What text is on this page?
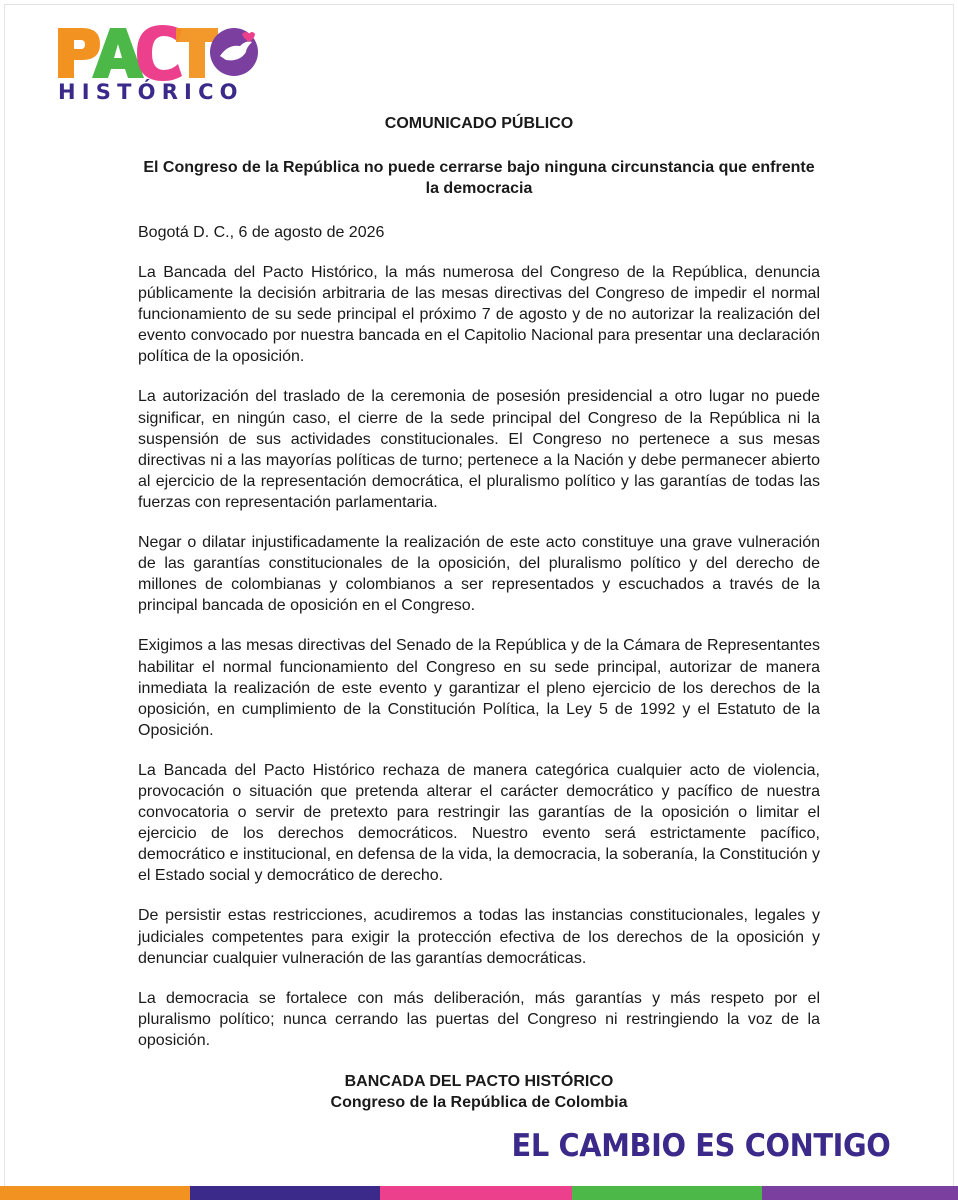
HISTÓRICO

COMUNICADO PÚBLICO

El Congreso de la República no puede cerrarse bajo ninguna circunstancia que enfrente la democracia

Bogotá D. C., 6 de agosto de 2026

La Bancada del Pacto Histórico, la más numerosa del Congreso de la República, denuncia públicamente la decisión arbitraria de las mesas directivas del Congreso de impedir el normal funcionamiento de su sede principal el próximo 7 de agosto y de no autorizar la realización del evento convocado por nuestra bancada en el Capitolio Nacional para presentar una declaración política de la oposición.

La autorización del traslado de la ceremonia de posesión presidencial a otro lugar no puede significar, en ningún caso, el cierre de la sede principal del Congreso de la República ni la suspensión de sus actividades constitucionales. El Congreso no pertenece a sus mesas directivas ni a las mayorías políticas de turno; pertenece a la Nación y debe permanecer abierto al ejercicio de la representación democrática, el pluralismo político y las garantías de todas las fuerzas con representación parlamentaria.

Negar o dilatar injustificadamente la realización de este acto constituye una grave vulneración de las garantías constitucionales de la oposición, del pluralismo político y del derecho de millones de colombianas y colombianos a ser representados y escuchados a través de la principal bancada de oposición en el Congreso.

Exigimos a las mesas directivas del Senado de la República y de la Cámara de Representantes habilitar el normal funcionamiento del Congreso en su sede principal, autorizar de manera inmediata la realización de este evento y garantizar el pleno ejercicio de los derechos de la oposición, en cumplimiento de la Constitución Política, la Ley 5 de 1992 y el Estatuto de la Oposición.

La Bancada del Pacto Histórico rechaza de manera categórica cualquier acto de violencia, provocación o situación que pretenda alterar el carácter democrático y pacífico de nuestra convocatoria o servir de pretexto para restringir las garantías de la oposición o limitar el ejercicio de los derechos democráticos. Nuestro evento será estrictamente pacífico, democrático e institucional, en defensa de la vida, la democracia, la soberanía, la Constitución y el Estado social y democrático de derecho.

De persistir estas restricciones, acudiremos a todas las instancias constitucionales, legales y judiciales competentes para exigir la protección efectiva de los derechos de la oposición y denunciar cualquier vulneración de las garantías democráticas.

La democracia se fortalece con más deliberación, más garantías y más respeto por el pluralismo político; nunca cerrando las puertas del Congreso ni restringiendo la voz de la oposición.

BANCADA DEL PACTO HISTÓRICO
Congreso de la República de Colombia
EL CAMBIO ES CONTIGO
